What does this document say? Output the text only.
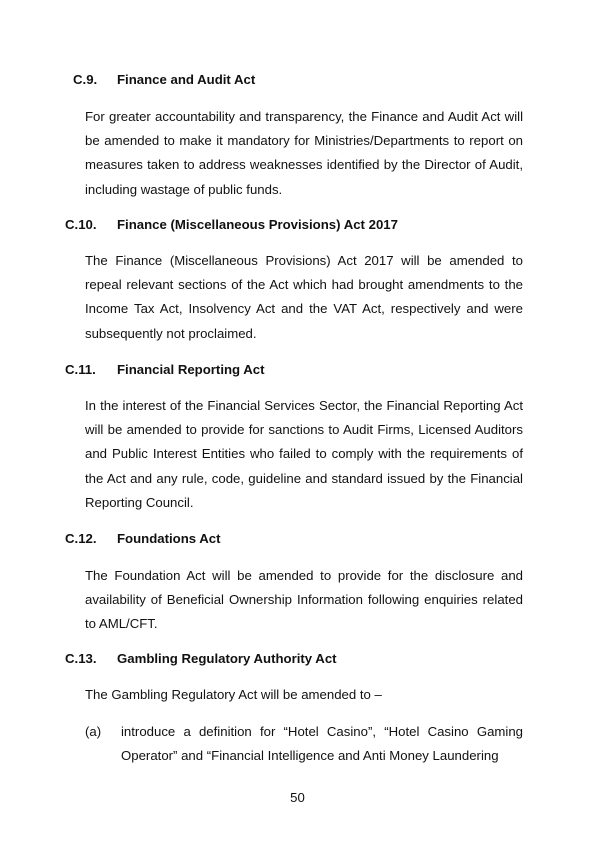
C.9. Finance and Audit Act

For greater accountability and transparency, the Finance and Audit Act will be amended to make it mandatory for Ministries/Departments to report on measures taken to address weaknesses identified by the Director of Audit, including wastage of public funds.

C.10. Finance (Miscellaneous Provisions) Act 2017

The Finance (Miscellaneous Provisions) Act 2017 will be amended to repeal relevant sections of the Act which had brought amendments to the Income Tax Act, Insolvency Act and the VAT Act, respectively and were subsequently not proclaimed.

C.11. Financial Reporting Act

In the interest of the Financial Services Sector, the Financial Reporting Act will be amended to provide for sanctions to Audit Firms, Licensed Auditors and Public Interest Entities who failed to comply with the requirements of the Act and any rule, code, guideline and standard issued by the Financial Reporting Council.

C.12. Foundations Act

The Foundation Act will be amended to provide for the disclosure and availability of Beneficial Ownership Information following enquiries related to AML/CFT.

C.13. Gambling Regulatory Authority Act

The Gambling Regulatory Act will be amended to –

(a) introduce a definition for “Hotel Casino”, “Hotel Casino Gaming Operator” and “Financial Intelligence and Anti Money Laundering

50
